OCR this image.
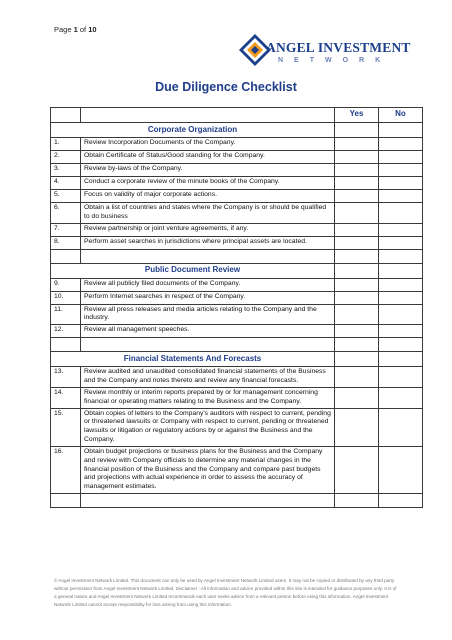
Page 1 of 10
ANGEL INVESTMENT
NETWORK
Due Diligence Checklist
		Yes	No
Corporate Organization			
1.	Review Incorporation Documents of the Company.		
2.	Obtain Certificate of Status/Good standing for the Company.		
3.	Review by-laws of the Company.		
4.	Conduct a corporate review of the minute books of the Company.		
5.	Focus on validity of major corporate actions.		
6.	Obtain a list of countries and states where the Company is or should be qualified to do business		
7.	Review partnership or joint venture agreements, if any.		
8.	Perform asset searches in jurisdictions where principal assets are located.		

Public Document Review			
9.	Review all publicly filed documents of the Company.		
10.	Perform Internet searches in respect of the Company.		
11.	Review all press releases and media articles relating to the Company and the industry.		
12.	Review all management speeches.		

Financial Statements And Forecasts			
13.	Review audited and unaudited consolidated financial statements of the Business and the Company and notes thereto and review any financial forecasts.		
14.	Review monthly or interim reports prepared by or for management concerning financial or operating matters relating to the Business and the Company.		
15.	Obtain copies of letters to the Company's auditors with respect to current, pending or threatened lawsuits or Company with respect to current, pending or threatened lawsuits or litigation or regulatory actions by or against the Business and the Company.		
16.	Obtain budget projections or business plans for the Business and the Company and review with Company officials to determine any material changes in the financial position of the Business and the Company and compare past budgets and projections with actual experience in order to assess the accuracy of management estimates.		

© Angel Investment Network Limited. This document can only be used by Angel Investment Network Limited users. It may not be copied or distributed by any third party without permission from Angel Investment Network Limited. Disclaimer : All information and advice provided within this site is intended for guidance purposes only. It is of a general nature and Angel Investment Network Limited recommends each user seeks advice from a relevant person before using this information. Angel Investment Network Limited cannot accept responsibility for loss arising from using this information.
